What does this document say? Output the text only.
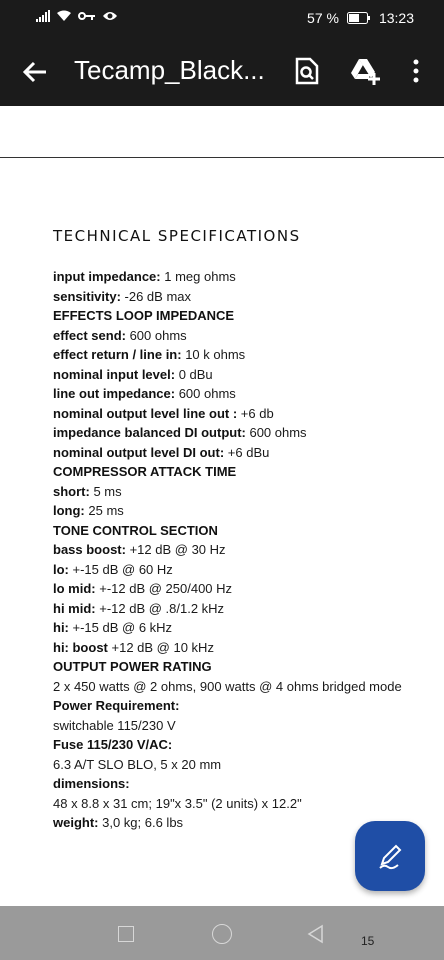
57 %	13:23
Tecamp_Black...
TECHNICAL SPECIFICATIONS
input impedance: 1 meg ohms
sensitivity: -26 dB max
EFFECTS LOOP IMPEDANCE
effect send: 600 ohms
effect return / line in: 10 k ohms
nominal input level: 0 dBu
line out impedance: 600 ohms
nominal output level line out : +6 db
impedance balanced DI output: 600 ohms
nominal output level DI out: +6 dBu
COMPRESSOR ATTACK TIME
short: 5 ms
long: 25 ms
TONE CONTROL SECTION
bass boost: +12 dB @ 30 Hz
lo: +-15 dB @ 60 Hz
lo mid: +-12 dB @ 250/400 Hz
hi mid: +-12 dB @ .8/1.2 kHz
hi: +-15 dB @ 6 kHz
hi: boost +12 dB @ 10 kHz
OUTPUT POWER RATING
2 x 450 watts @ 2 ohms, 900 watts @ 4 ohms bridged mode
Power Requirement:
switchable 115/230 V
Fuse 115/230 V/AC:
6.3 A/T SLO BLO, 5 x 20 mm
dimensions:
48 x 8.8 x 31 cm; 19"x 3.5" (2 units) x 12.2"
weight: 3,0 kg; 6.6 lbs
15
